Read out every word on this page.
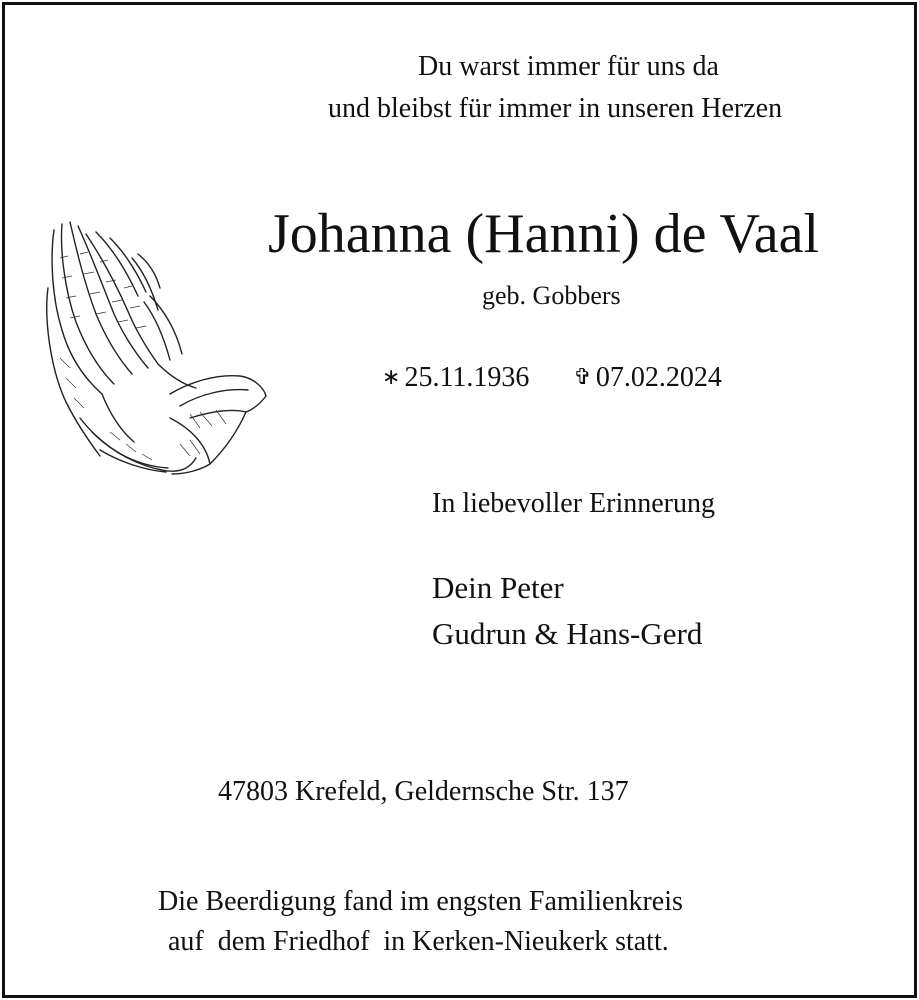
Du warst immer für uns da
und bleibst für immer in unseren Herzen
Johanna (Hanni) de Vaal
geb. Gobbers
∗ 25.11.1936 ✞ 07.02.2024
In liebevoller Erinnerung
Dein Peter
Gudrun & Hans-Gerd
47803 Krefeld, Geldernsche Str. 137
Die Beerdigung fand im engsten Familienkreis
auf  dem Friedhof  in Kerken-Nieukerk statt.
